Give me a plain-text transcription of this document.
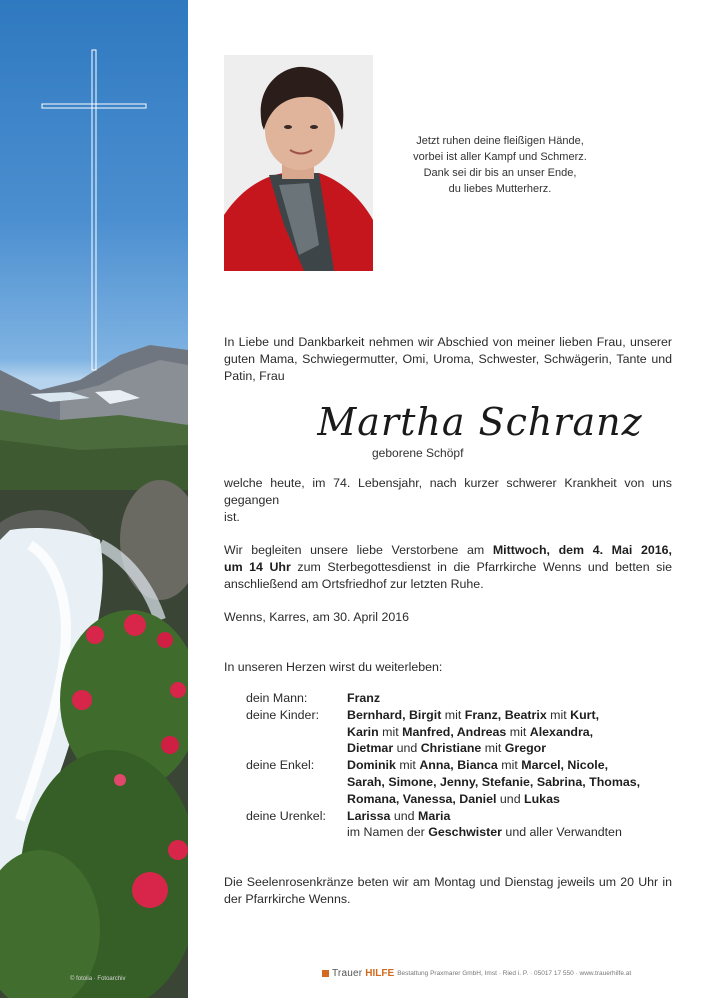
© fotolia · Fotoarchiv
Jetzt ruhen deine fleißigen Hände,
vorbei ist aller Kampf und Schmerz.
Dank sei dir bis an unser Ende,
du liebes Mutterherz.
In Liebe und Dankbarkeit nehmen wir Abschied von meiner lieben Frau, unserer
guten Mama, Schwiegermutter, Omi, Uroma, Schwester, Schwägerin, Tante und
Patin, Frau
Martha Schranz
geborene Schöpf
welche heute, im 74. Lebensjahr, nach kurzer schwerer Krankheit von uns gegangen
ist.
Wir begleiten unsere liebe Verstorbene am Mittwoch, dem 4. Mai 2016,
um 14 Uhr zum Sterbegottesdienst in die Pfarrkirche Wenns und betten sie
anschließend am Ortsfriedhof zur letzten Ruhe.
Wenns, Karres, am 30. April 2016
In unseren Herzen wirst du weiterleben:
dein Mann:	Franz
deine Kinder:	Bernhard, Birgit mit Franz, Beatrix mit Kurt,
Karin mit Manfred, Andreas mit Alexandra,
Dietmar und Christiane mit Gregor
deine Enkel:	Dominik mit Anna, Bianca mit Marcel, Nicole,
Sarah, Simone, Jenny, Stefanie, Sabrina, Thomas,
Romana, Vanessa, Daniel und Lukas
deine Urenkel:	Larissa und Maria
im Namen der Geschwister und aller Verwandten
Die Seelenrosenkränze beten wir am Montag und Dienstag jeweils um 20 Uhr in
der Pfarrkirche Wenns.
Trauer HILFE Bestattung Praxmarer GmbH, Imst · Ried i. P. · 05017 17 550 · www.trauerhilfe.at
